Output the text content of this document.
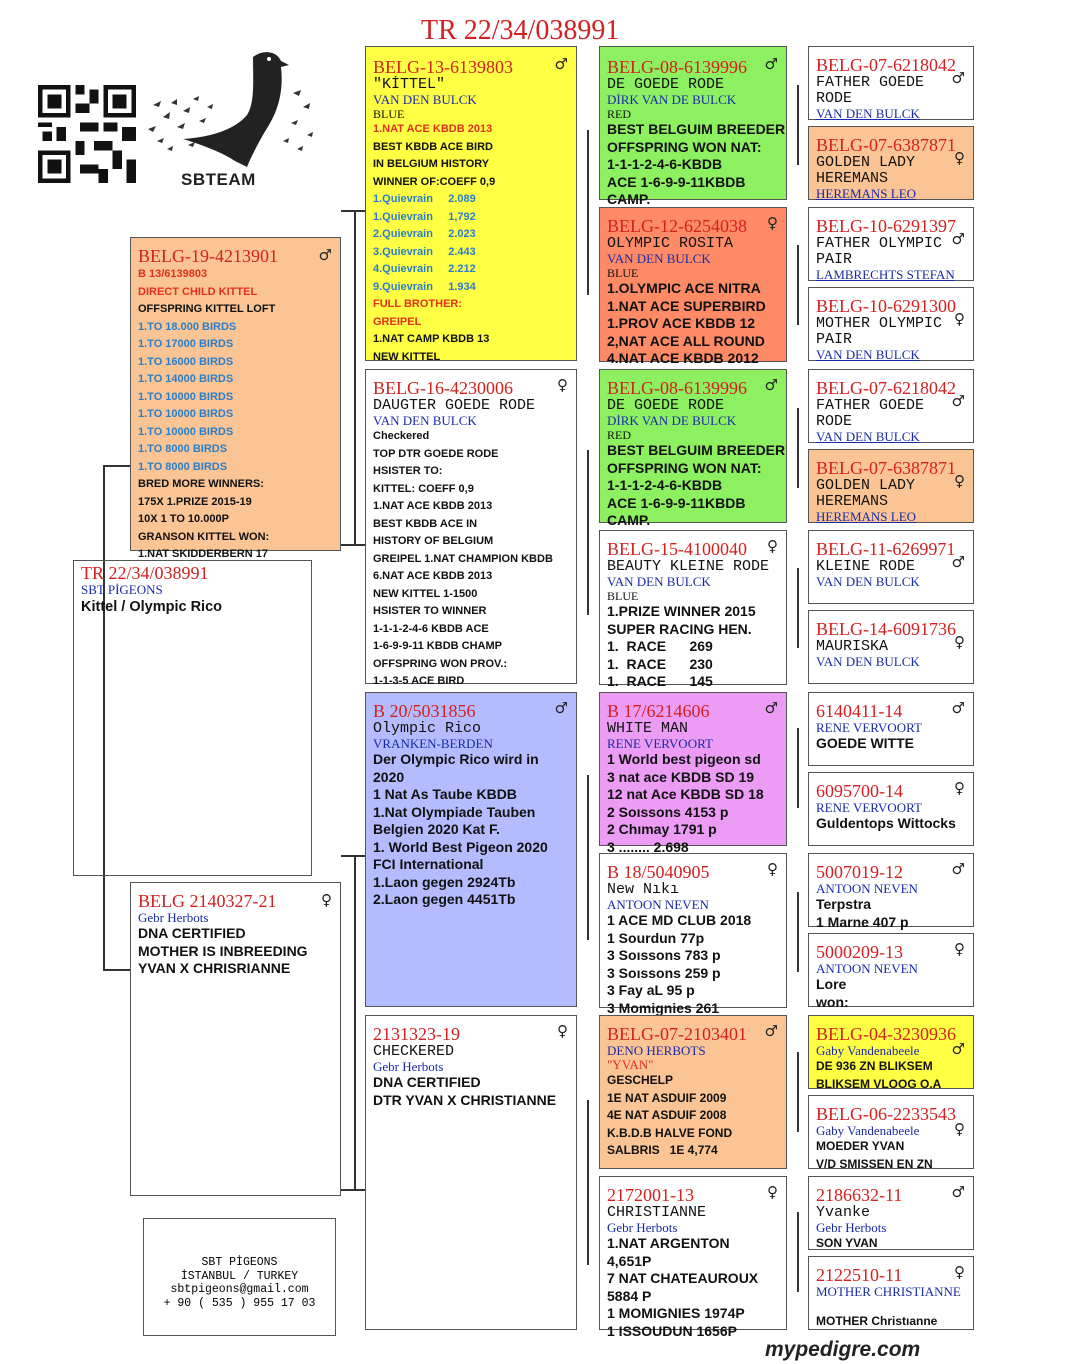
TR 22/34/038991
SBTEAM
TR 22/34/038991
SBT PİGEONS
Kittel / Olympic Rico
BELG-19-4213901	♂
B 13/6139803
DIRECT CHILD KITTEL
OFFSPRING KITTEL LOFT
1.TO 18.000 BIRDS
1.TO 17000 BIRDS
1.TO 16000 BIRDS
1.TO 14000 BIRDS
1.TO 10000 BIRDS
1.TO 10000 BIRDS
1.TO 10000 BIRDS
1.TO 8000 BIRDS
1.TO 8000 BIRDS
BRED MORE WINNERS:
175X 1.PRIZE 2015-19
10X 1 TO 10.000P
GRANSON KITTEL WON:
1.NAT SKIDDERBERN 17
BELG 2140327-21	♀
Gebr Herbots
DNA CERTIFIED
MOTHER IS INBREEDING
YVAN X CHRISRIANNE
SBT PİGEONS
İSTANBUL / TURKEY
sbtpigeons@gmail.com
+ 90 ( 535 ) 955 17 03
BELG-13-6139803	♂
"KİTTEL"
VAN DEN BULCK
BLUE
1.NAT ACE KBDB 2013
BEST KBDB ACE BIRD
IN BELGIUM HISTORY
WINNER OF:COEFF 0,9
1.Quievrain     2.089
1.Quievrain     1,792
2.Quievrain     2.023
3.Quievrain     2.443
4.Quievrain     2.212
9.Quievrain     1.934
FULL BROTHER:
GREIPEL
1.NAT CAMP KBDB 13
NEW KITTEL
BELG-16-4230006	♀
DAUGTER GOEDE RODE
VAN DEN BULCK
Checkered
TOP DTR GOEDE RODE
HSISTER TO:
KITTEL: COEFF 0,9
1.NAT ACE KBDB 2013
BEST KBDB ACE IN
HISTORY OF BELGIUM
GREIPEL 1.NAT CHAMPION KBDB
6.NAT ACE KBDB 2013
NEW KITTEL 1-1500
HSISTER TO WINNER
1-1-1-2-4-6 KBDB ACE
1-6-9-9-11 KBDB CHAMP
OFFSPRING WON PROV.:
1-1-3-5 ACE BIRD
B 20/5031856	♂
Olympic Rico
VRANKEN-BERDEN
Der Olympic Rico wird in
2020
1 Nat As Taube KBDB
1.Nat Olympiade Tauben
Belgien 2020 Kat F.
1. World Best Pigeon 2020
FCI International
1.Laon gegen 2924Tb
2.Laon gegen 4451Tb
2131323-19	♀
CHECKERED
Gebr Herbots
DNA CERTIFIED
DTR YVAN X CHRISTIANNE
BELG-08-6139996	♂
DE GOEDE RODE
DİRK VAN DE BULCK
RED
BEST BELGUIM BREEDER
OFFSPRING WON NAT:
1-1-1-2-4-6-KBDB
ACE 1-6-9-9-11KBDB
CAMP.
BELG-12-6254038	♀
OLYMPIC ROSITA
VAN DEN BULCK
BLUE
1.OLYMPIC ACE NITRA
1.NAT ACE SUPERBIRD
1.PROV ACE KBDB 12
2,NAT ACE ALL ROUND
4.NAT ACE KBDB 2012
BELG-08-6139996	♂
DE GOEDE RODE
DİRK VAN DE BULCK
RED
BEST BELGUIM BREEDER
OFFSPRING WON NAT:
1-1-1-2-4-6-KBDB
ACE 1-6-9-9-11KBDB
CAMP.
BELG-15-4100040	♀
BEAUTY KLEINE RODE
VAN DEN BULCK
BLUE
1.PRIZE WINNER 2015
SUPER RACING HEN.
1.  RACE      269
1.  RACE      230
1.  RACE      145
B 17/6214606	♂
WHITE MAN
RENE VERVOORT
1 World best pigeon sd
3 nat ace KBDB SD 19
12 nat Ace KBDB SD 18
2 Soıssons 4153 p
2 Chımay 1791 p
3 ........ 2.698
B 18/5040905	♀
New Nıkı
ANTOON NEVEN
1 ACE MD CLUB 2018
1 Sourdun 77p
3 Soıssons 783 p
3 Soıssons 259 p
3 Fay aL 95 p
3 Momignies 261
BELG-07-2103401	♂
DENO HERBOTS
"YVAN"
GESCHELP
1E NAT ASDUIF 2009
4E NAT ASDUIF 2008
K.B.D.B HALVE FOND
SALBRIS   1E 4,774
2172001-13	♀
CHRISTIANNE
Gebr Herbots
1.NAT ARGENTON
4,651P
7 NAT CHATEAUROUX
5884 P
1 MOMIGNIES 1974P
1 ISSOUDUN 1656P
BELG-07-6218042
♂
FATHER GOEDE RODE
VAN DEN BULCK
BELG-07-6387871
♀
GOLDEN LADY HEREMANS
HEREMANS LEO
BELG-10-6291397
♂
FATHER OLYMPIC PAIR
LAMBRECHTS STEFAN
BELG-10-6291300
♀
MOTHER OLYMPIC PAIR
VAN DEN BULCK
BELG-07-6218042
♂
FATHER GOEDE RODE
VAN DEN BULCK
BELG-07-6387871
♀
GOLDEN LADY HEREMANS
HEREMANS LEO
BELG-11-6269971
♂
KLEINE RODE
VAN DEN BULCK
BELG-14-6091736
♀
MAURISKA
VAN DEN BULCK
6140411-14	♂
RENE VERVOORT
GOEDE WITTE
6095700-14	♀
RENE VERVOORT
Guldentops Wittocks
5007019-12	♂
ANTOON NEVEN
Terpstra
1 Marne 407 p
5000209-13	♀
ANTOON NEVEN
Lore
won:
BELG-04-3230936
♂
Gaby Vandenabeele
DE 936 ZN BLIKSEM
BLIKSEM VLOOG O.A
BELG-06-2233543
♀
Gaby Vandenabeele
MOEDER YVAN
V/D SMISSEN EN ZN
2186632-11	♂
Yvanke
Gebr Herbots
SON YVAN
2122510-11	♀
MOTHER CHRISTIANNE
MOTHER Christıanne
mypedigre.com
